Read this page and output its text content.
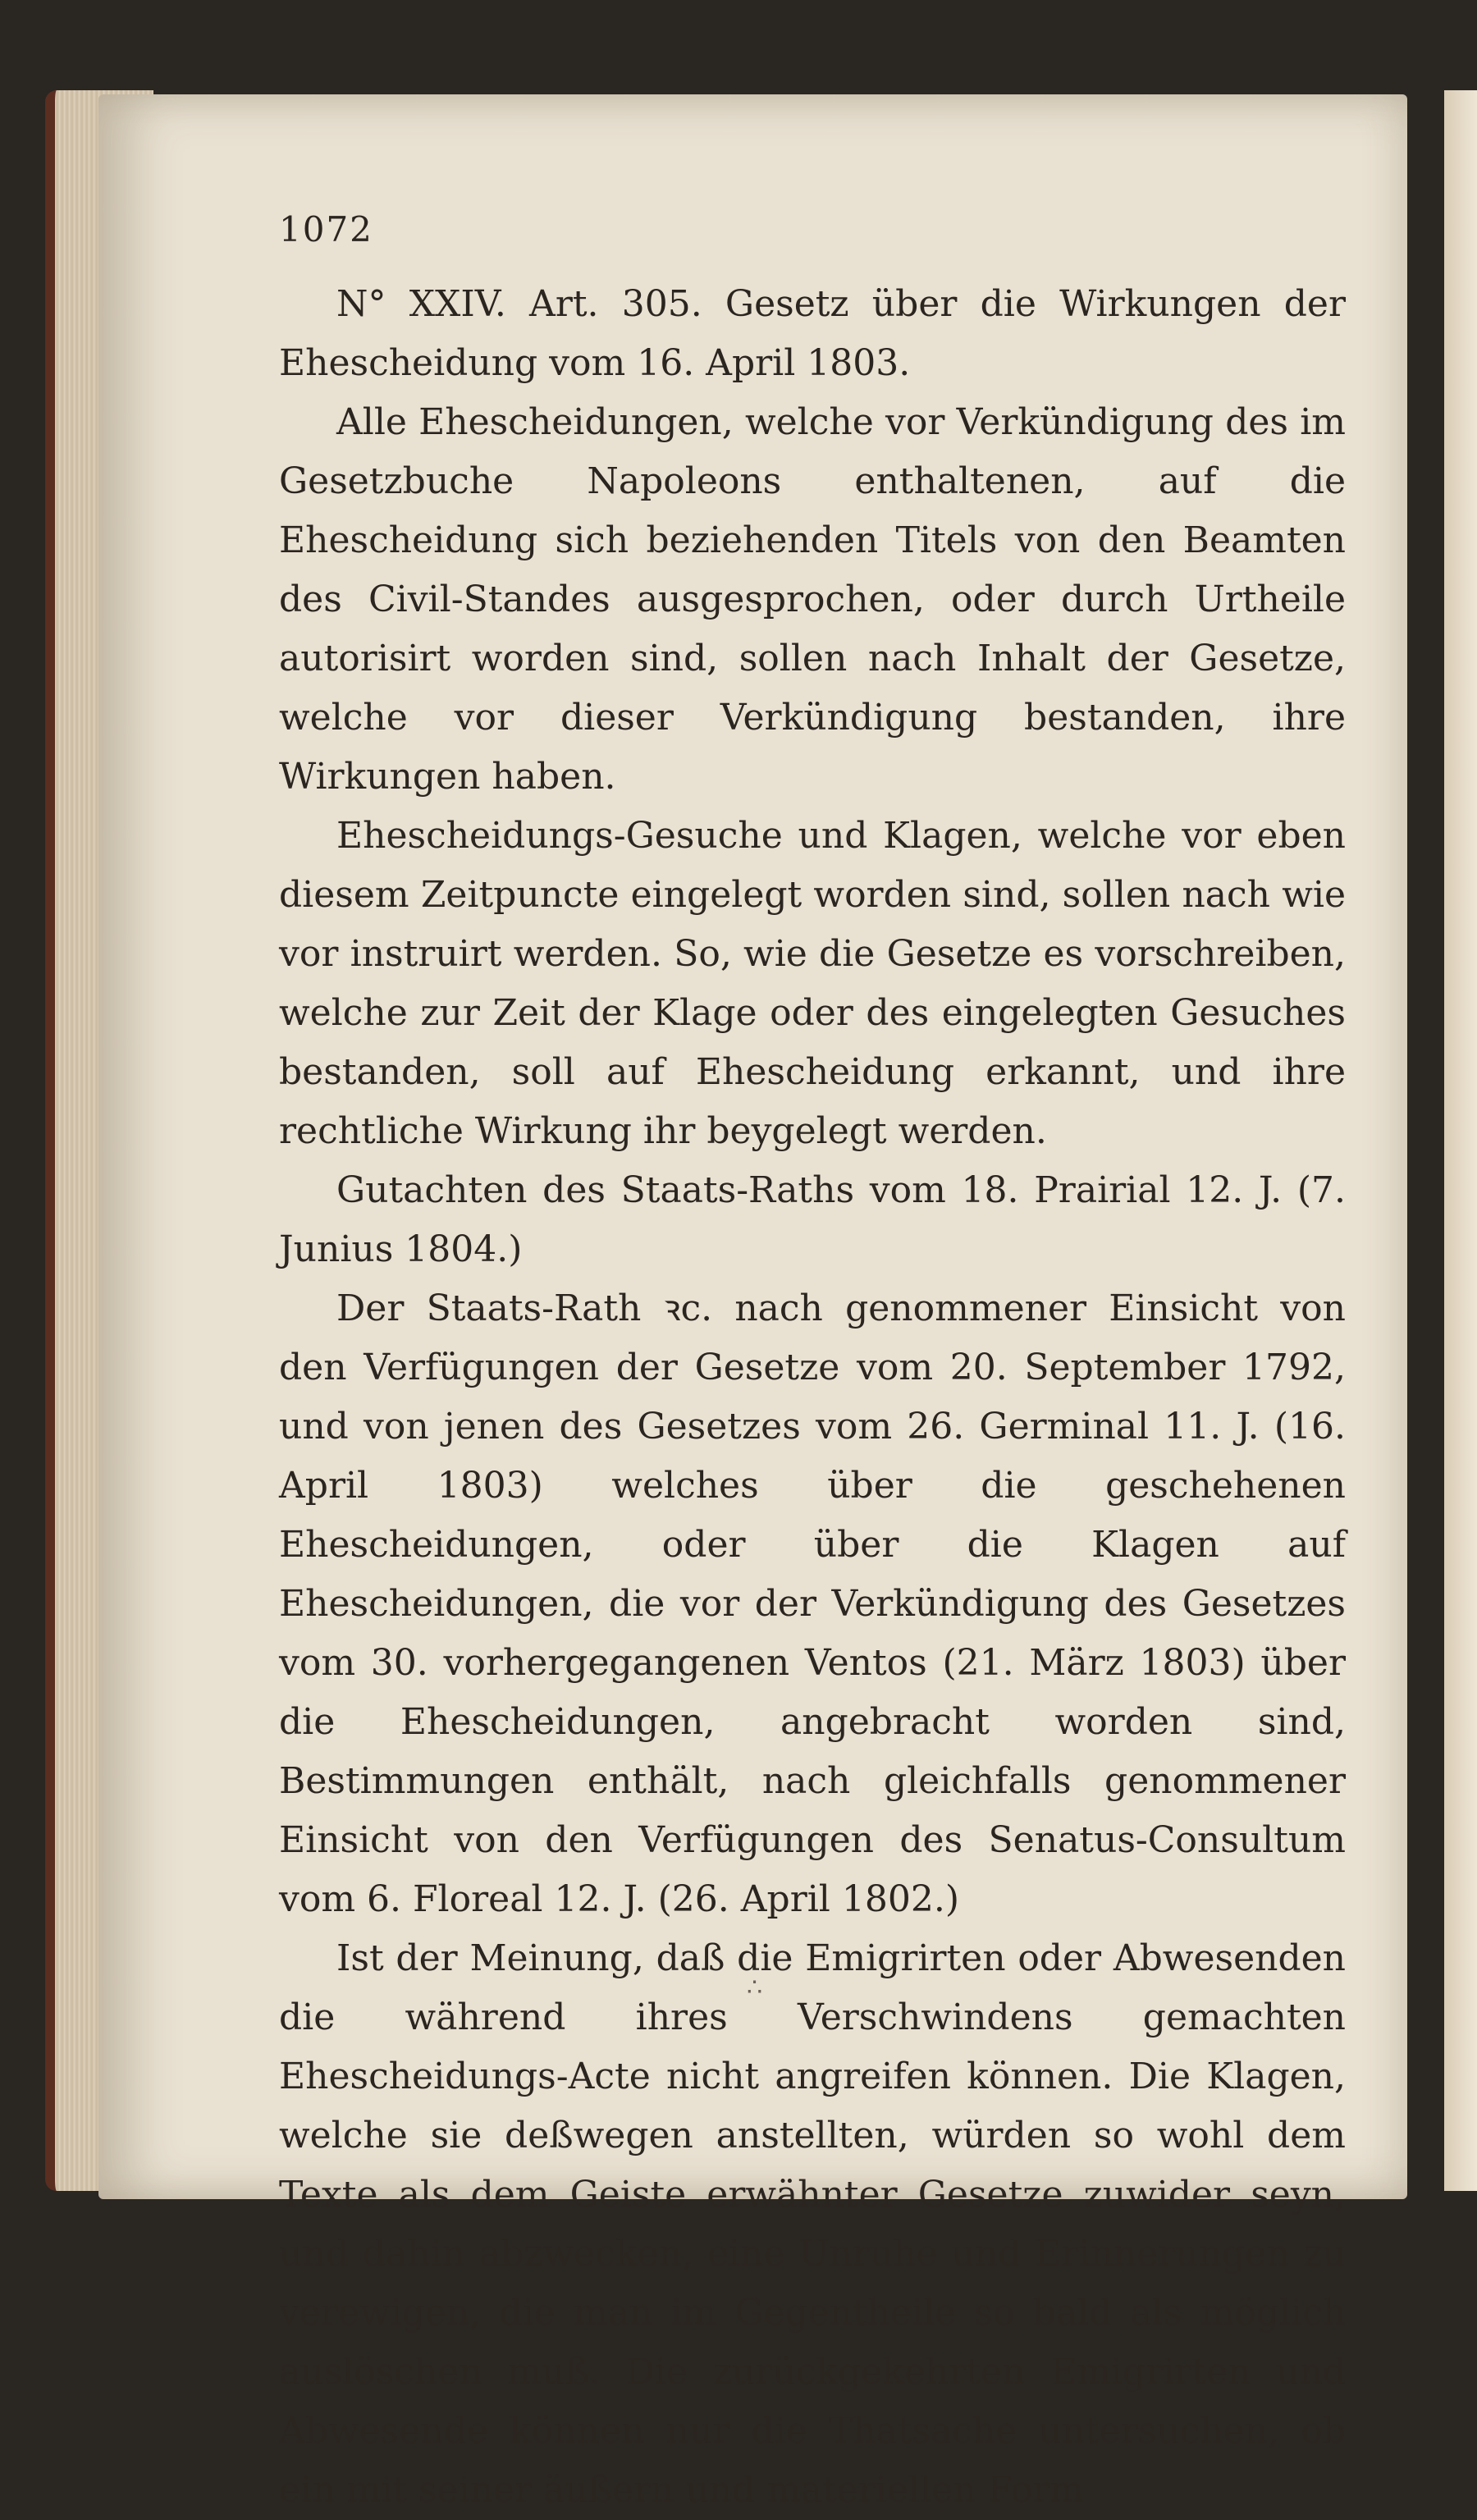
1072

N° XXIV. Art. 305. Gesetz über die Wirkungen der Ehescheidung vom 16. April 1803.

Alle Ehescheidungen, welche vor Verkündigung des im Gesetzbuche Napoleons enthaltenen, auf die Ehescheidung sich beziehenden Titels von den Beamten des Civil-Standes ausgesprochen, oder durch Urtheile autorisirt worden sind, sollen nach Inhalt der Gesetze, welche vor dieser Verkündigung bestanden, ihre Wirkungen haben.

Ehescheidungs-Gesuche und Klagen, welche vor eben diesem Zeitpuncte eingelegt worden sind, sollen nach wie vor instruirt werden. So, wie die Gesetze es vorschreiben, welche zur Zeit der Klage oder des eingelegten Gesuches bestanden, soll auf Ehescheidung erkannt, und ihre rechtliche Wirkung ihr beygelegt werden.

Gutachten des Staats-Raths vom 18. Prairial 12. J. (7. Junius 1804.)

Der Staats-Rath ꝛc. nach genommener Einsicht von den Verfügungen der Gesetze vom 20. September 1792, und von jenen des Gesetzes vom 26. Germinal 11. J. (16. April 1803) welches über die geschehenen Ehescheidungen, oder über die Klagen auf Ehescheidungen, die vor der Verkündigung des Gesetzes vom 30. vorhergegangenen Ventos (21. März 1803) über die Ehescheidungen, angebracht worden sind, Bestimmungen enthält, nach gleichfalls genommener Einsicht von den Verfügungen des Senatus-Consultum vom 6. Floreal 12. J. (26. April 1802.)

Ist der Meinung, daß die Emigrirten oder Abwesenden die während ihres Verschwindens gemachten Ehescheidungs-Acte nicht angreifen können. Die Klagen, welche sie deßwegen anstellten, würden so wohl dem Texte als dem Geiste erwähnter Gesetze zuwider seyn, und dahin abzwecken, eine Unruhe und Erinnerungen zu verewigen, die man im Gegentheile so bald als möglich auslöschen muß. Die zurückgekehrten Emigrirten und Abwesende können nur die Thatsache untersuchen, ob ein mit seiner äußern und materiellen Form

∴
